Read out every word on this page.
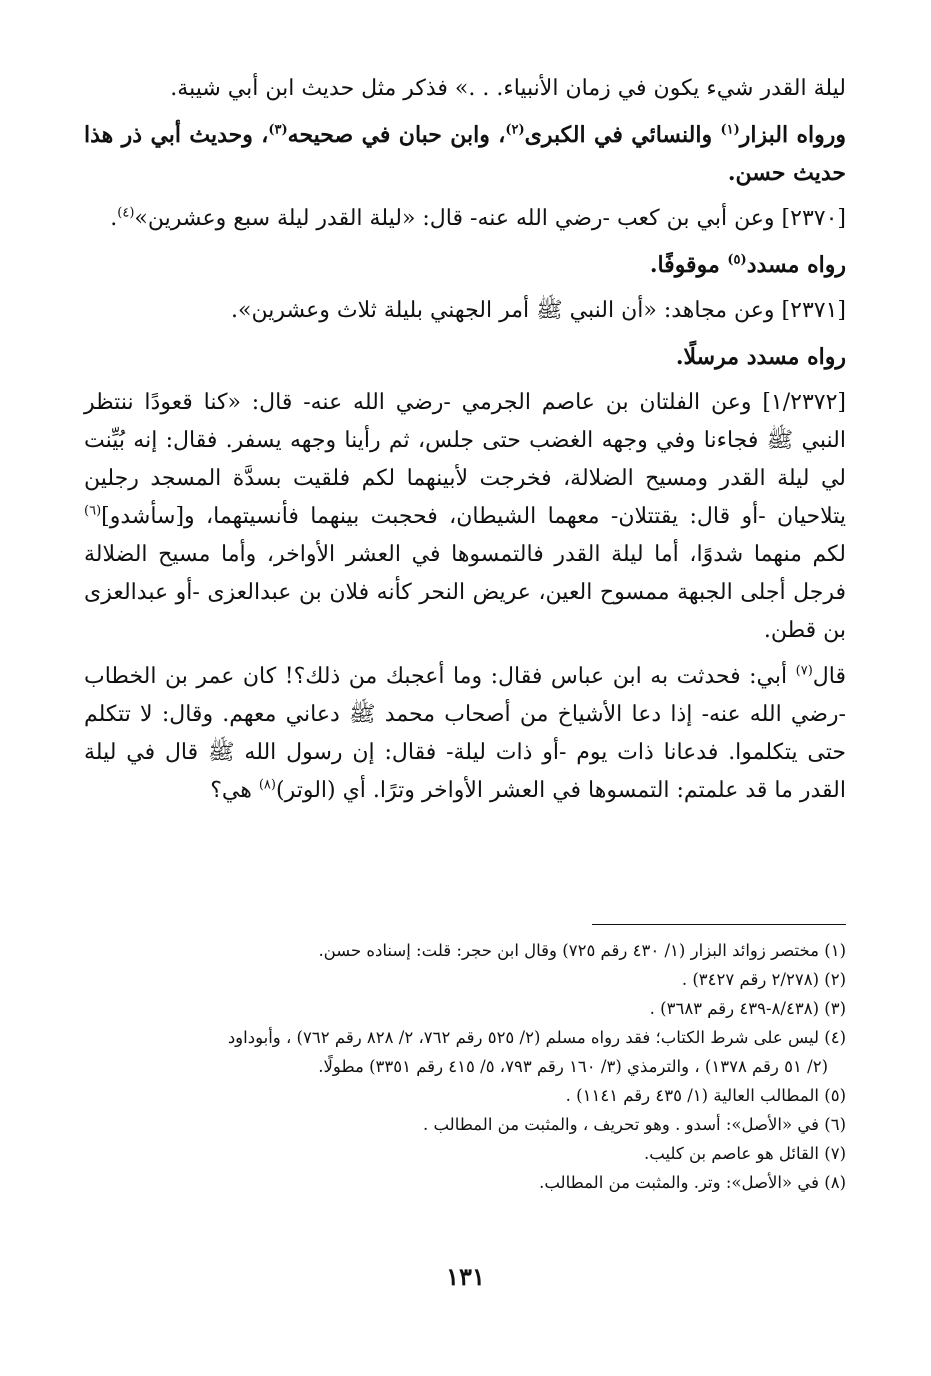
ليلة القدر شيء يكون في زمان الأنبياء. . .» فذكر مثل حديث ابن أبي شيبة.

ورواه البزار$^{(١)}$ والنسائي في الكبرى$^{(٢)}$، وابن حبان في صحيحه$^{(٣)}$، وحديث أبي ذر هذا حديث حسن.

[٢٣٧٠] وعن أبي بن كعب -رضي الله عنه- قال: «ليلة القدر ليلة سبع وعشرين»$^{(٤)}$.

رواه مسدد$^{(٥)}$ موقوفًا.

[٢٣٧١] وعن مجاهد: «أن النبي ﷺ أمر الجهني بليلة ثلاث وعشرين».

رواه مسدد مرسلًا.

[١/٢٣٧٢] وعن الفلتان بن عاصم الجرمي -رضي الله عنه- قال: «كنا قعودًا ننتظر النبي ﷺ فجاءنا وفي وجهه الغضب حتى جلس، ثم رأينا وجهه يسفر. فقال: إنه بُيِّنت لي ليلة القدر ومسيح الضلالة، فخرجت لأبينهما لكم فلقيت بسدَّة المسجد رجلين يتلاحيان -أو قال: يقتتلان- معهما الشيطان، فحجبت بينهما فأنسيتهما، و[سأشدو]$^{(٦)}$ لكم منهما شدوًا، أما ليلة القدر فالتمسوها في العشر الأواخر، وأما مسيح الضلالة فرجل أجلى الجبهة ممسوح العين، عريض النحر كأنه فلان بن عبدالعزى -أو عبدالعزى بن قطن.

قال$^{(٧)}$ أبي: فحدثت به ابن عباس فقال: وما أعجبك من ذلك؟! كان عمر بن الخطاب -رضي الله عنه- إذا دعا الأشياخ من أصحاب محمد ﷺ دعاني معهم. وقال: لا تتكلم حتى يتكلموا. فدعانا ذات يوم -أو ذات ليلة- فقال: إن رسول الله ﷺ قال في ليلة القدر ما قد علمتم: التمسوها في العشر الأواخر وترًا. أي (الوتر)$^{(٨)}$ هي؟

(١) مختصر زوائد البزار (١/ ٤٣٠ رقم ٧٢٥) وقال ابن حجر: قلت: إسناده حسن.

(٢) (٢/٢٧٨ رقم ٣٤٢٧) .

(٣) (٨/٤٣٨-٤٣٩ رقم ٣٦٨٣) .

(٤) ليس على شرط الكتاب؛ فقد رواه مسلم (٢/ ٥٢٥ رقم ٧٦٢، ٢/ ٨٢٨ رقم ٧٦٢) ، وأبوداود

(٢/ ٥١ رقم ١٣٧٨) ، والترمذي (٣/ ١٦٠ رقم ٧٩٣، ٥/ ٤١٥ رقم ٣٣٥١) مطولًا.

(٥) المطالب العالية (١/ ٤٣٥ رقم ١١٤١) .

(٦) في «الأصل»: أسدو . وهو تحريف ، والمثبت من المطالب .

(٧) القائل هو عاصم بن كليب.

(٨) في «الأصل»: وتر. والمثبت من المطالب.

١٣١
